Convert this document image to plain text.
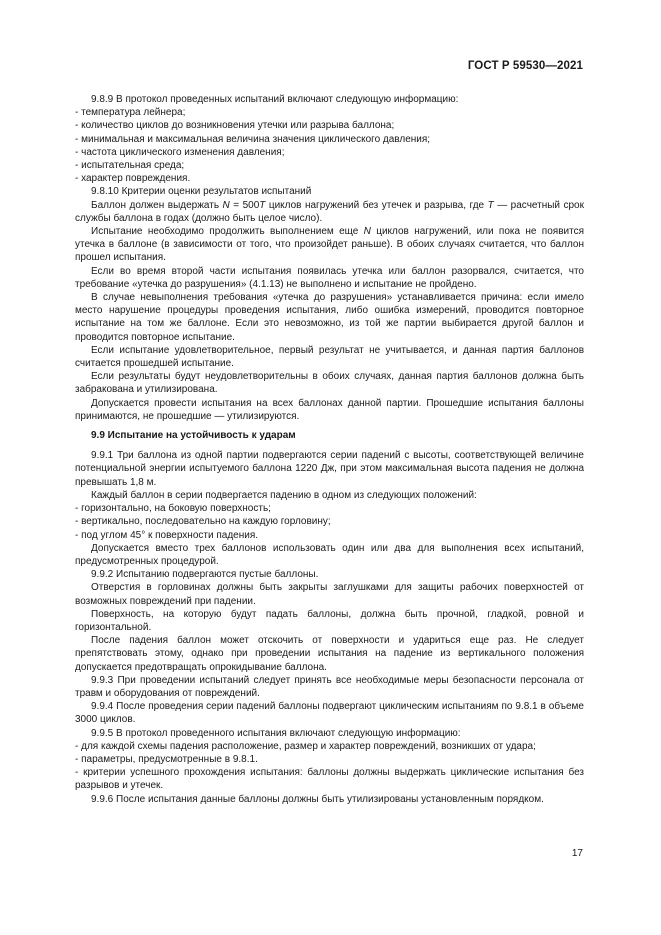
ГОСТ Р 59530—2021

9.8.9 В протокол проведенных испытаний включают следующую информацию:

- температура лейнера;

- количество циклов до возникновения утечки или разрыва баллона;

- минимальная и максимальная величина значения циклического давления;

- частота циклического изменения давления;

- испытательная среда;

- характер повреждения.

9.8.10 Критерии оценки результатов испытаний

Баллон должен выдержать N = 500T циклов нагружений без утечек и разрыва, где T — расчетный срок службы баллона в годах (должно быть целое число).

Испытание необходимо продолжить выполнением еще N циклов нагружений, или пока не появится утечка в баллоне (в зависимости от того, что произойдет раньше). В обоих случаях считается, что баллон прошел испытания.

Если во время второй части испытания появилась утечка или баллон разорвался, считается, что требование «утечка до разрушения» (4.1.13) не выполнено и испытание не пройдено.

В случае невыполнения требования «утечка до разрушения» устанавливается причина: если имело место нарушение процедуры проведения испытания, либо ошибка измерений, проводится повторное испытание на том же баллоне. Если это невозможно, из той же партии выбирается другой баллон и проводится повторное испытание.

Если испытание удовлетворительное, первый результат не учитывается, и данная партия баллонов считается прошедшей испытание.

Если результаты будут неудовлетворительны в обоих случаях, данная партия баллонов должна быть забракована и утилизирована.

Допускается провести испытания на всех баллонах данной партии. Прошедшие испытания баллоны принимаются, не прошедшие — утилизируются.

9.9 Испытание на устойчивость к ударам

9.9.1 Три баллона из одной партии подвергаются серии падений с высоты, соответствующей величине потенциальной энергии испытуемого баллона 1220 Дж, при этом максимальная высота падения не должна превышать 1,8 м.

Каждый баллон в серии подвергается падению в одном из следующих положений:

- горизонтально, на боковую поверхность;

- вертикально, последовательно на каждую горловину;

- под углом 45° к поверхности падения.

Допускается вместо трех баллонов использовать один или два для выполнения всех испытаний, предусмотренных процедурой.

9.9.2 Испытанию подвергаются пустые баллоны.

Отверстия в горловинах должны быть закрыты заглушками для защиты рабочих поверхностей от возможных повреждений при падении.

Поверхность, на которую будут падать баллоны, должна быть прочной, гладкой, ровной и горизонтальной.

После падения баллон может отскочить от поверхности и удариться еще раз. Не следует препятствовать этому, однако при проведении испытания на падение из вертикального положения допускается предотвращать опрокидывание баллона.

9.9.3 При проведении испытаний следует принять все необходимые меры безопасности персонала от травм и оборудования от повреждений.

9.9.4 После проведения серии падений баллоны подвергают циклическим испытаниям по 9.8.1 в объеме 3000 циклов.

9.9.5 В протокол проведенного испытания включают следующую информацию:

- для каждой схемы падения расположение, размер и характер повреждений, возникших от удара;

- параметры, предусмотренные в 9.8.1.

- критерии успешного прохождения испытания: баллоны должны выдержать циклические испытания без разрывов и утечек.

9.9.6 После испытания данные баллоны должны быть утилизированы установленным порядком.

17
